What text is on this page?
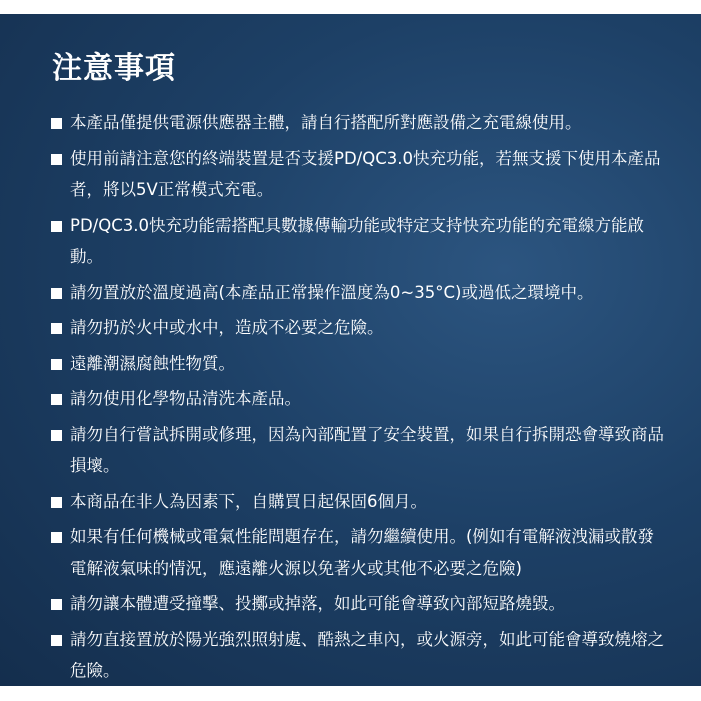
注意事項
本產品僅提供電源供應器主體，請自行搭配所對應設備之充電線使用。
使用前請注意您的終端裝置是否支援PD/QC3.0快充功能，若無支援下使用本產品者，將以5V正常模式充電。
PD/QC3.0快充功能需搭配具數據傳輸功能或特定支持快充功能的充電線方能啟動。
請勿置放於溫度過高(本產品正常操作溫度為0~35°C)或過低之環境中。
請勿扔於火中或水中，造成不必要之危險。
遠離潮濕腐蝕性物質。
請勿使用化學物品清洗本產品。
請勿自行嘗試拆開或修理，因為內部配置了安全裝置，如果自行拆開恐會導致商品損壞。
本商品在非人為因素下，自購買日起保固6個月。
如果有任何機械或電氣性能問題存在，請勿繼續使用。(例如有電解液洩漏或散發電解液氣味的情況，應遠離火源以免著火或其他不必要之危險)
請勿讓本體遭受撞擊、投擲或掉落，如此可能會導致內部短路燒毀。
請勿直接置放於陽光強烈照射處、酷熱之車內，或火源旁，如此可能會導致燒熔之危險。
